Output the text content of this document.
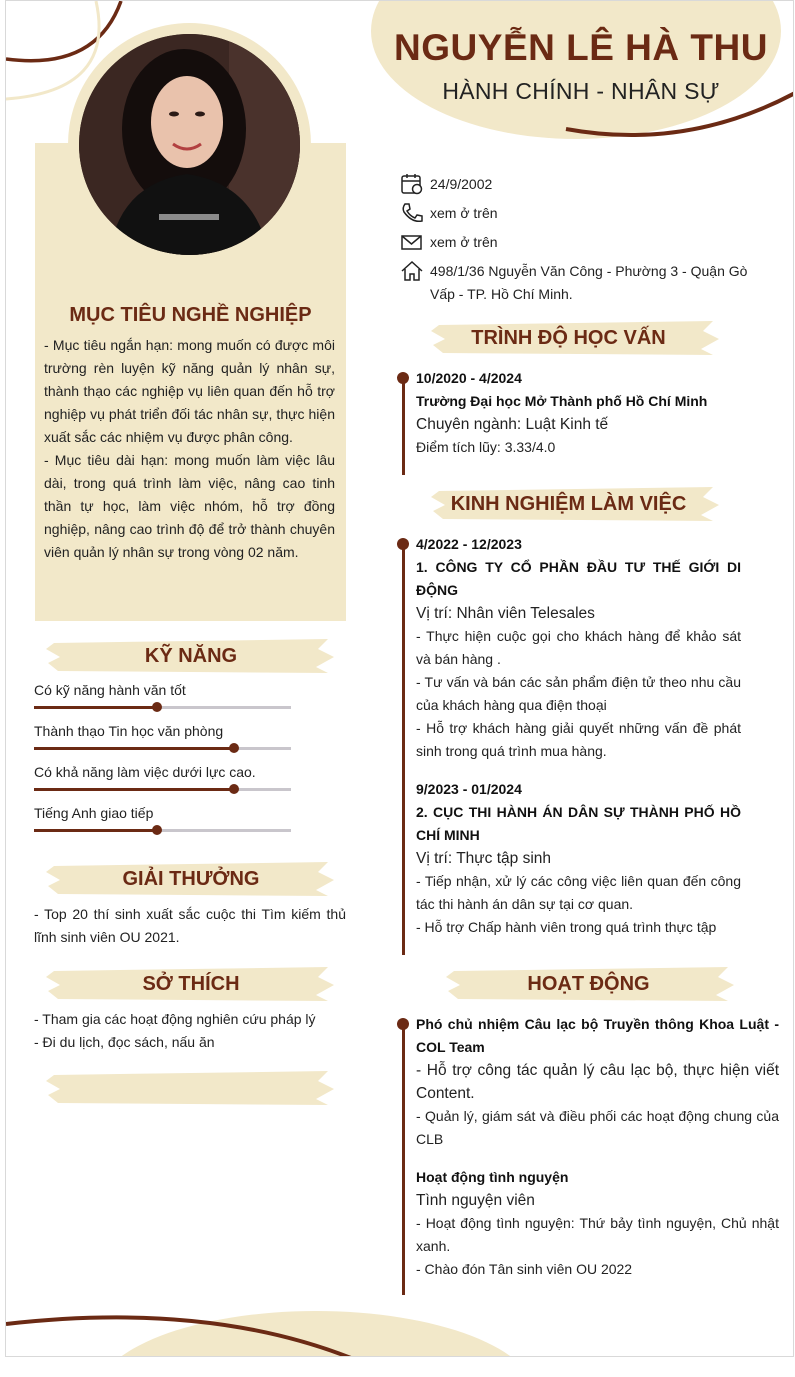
NGUYỄN LÊ HÀ THU
HÀNH CHÍNH - NHÂN SỰ
MỤC TIÊU NGHỀ NGHIỆP

- Mục tiêu ngắn hạn: mong muốn có được môi trường rèn luyện kỹ năng quản lý nhân sự, thành thạo các nghiệp vụ liên quan đến hỗ trợ nghiệp vụ phát triển đối tác nhân sự, thực hiện xuất sắc các nhiệm vụ được phân công.

- Mục tiêu dài hạn: mong muốn làm việc lâu dài, trong quá trình làm việc, nâng cao tinh thần tự học, làm việc nhóm, hỗ trợ đồng nghiệp, nâng cao trình độ để trở thành chuyên viên quản lý nhân sự trong vòng 02 năm.

KỸ NĂNG
Có kỹ năng hành văn tốt
Thành thạo Tin học văn phòng
Có khả năng làm việc dưới lực cao.
Tiếng Anh giao tiếp
GIẢI THƯỞNG
- Top 20 thí sinh xuất sắc cuộc thi Tìm kiếm thủ lĩnh sinh viên OU 2021.
SỞ THÍCH

- Tham gia các hoạt động nghiên cứu pháp lý

- Đi du lịch, đọc sách, nấu ăn

24/9/2002
xem ở trên
xem ở trên
498/1/36 Nguyễn Văn Công - Phường 3 - Quận Gò Vấp - TP. Hồ Chí Minh.
TRÌNH ĐỘ HỌC VẤN

10/2020 - 4/2024

Trường Đại học Mở Thành phố Hồ Chí Minh

Chuyên ngành: Luật Kinh tế

Điểm tích lũy: 3.33/4.0

KINH NGHIỆM LÀM VIỆC

4/2022 - 12/2023

1. CÔNG TY CỔ PHẦN ĐẦU TƯ THẾ GIỚI DI ĐỘNG

Vị trí: Nhân viên Telesales

- Thực hiện cuộc gọi cho khách hàng để khảo sát và bán hàng .

- Tư vấn và bán các sản phẩm điện tử theo nhu cầu của khách hàng qua điện thoại

- Hỗ trợ khách hàng giải quyết những vấn đề phát sinh trong quá trình mua hàng.

9/2023 - 01/2024

2. CỤC THI HÀNH ÁN DÂN SỰ THÀNH PHỐ HỒ CHÍ MINH

Vị trí: Thực tập sinh

- Tiếp nhận, xử lý các công việc liên quan đến công tác thi hành án dân sự tại cơ quan.

- Hỗ trợ Chấp hành viên trong quá trình thực tập

HOẠT ĐỘNG

Phó chủ nhiệm Câu lạc bộ Truyền thông Khoa Luật - COL Team

- Hỗ trợ công tác quản lý câu lạc bộ, thực hiện viết Content.

- Quản lý, giám sát và điều phối các hoạt động chung của CLB

Hoạt động tình nguyện

Tình nguyện viên

- Hoạt động tình nguyện: Thứ bảy tình nguyện, Chủ nhật xanh.

- Chào đón Tân sinh viên OU 2022
